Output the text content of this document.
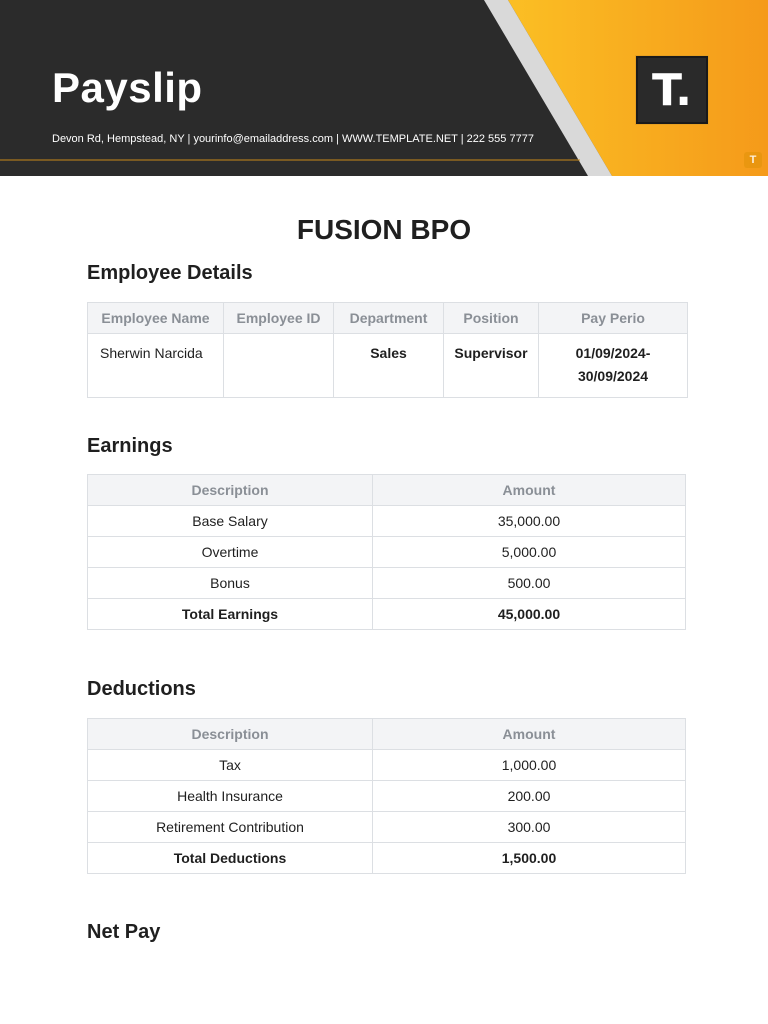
Payslip
Devon Rd, Hempstead, NY | yourinfo@emailaddress.com | WWW.TEMPLATE.NET | 222 555 7777
T.
T
FUSION BPO
Employee Details
Employee Name	Employee ID	Department	Position	Pay Perio
Sherwin Narcida		Sales	Supervisor	01/09/2024-
30/09/2024
Earnings
Description	Amount
Base Salary	35,000.00
Overtime	5,000.00
Bonus	500.00
Total Earnings	45,000.00
Deductions
Description	Amount
Tax	1,000.00
Health Insurance	200.00
Retirement Contribution	300.00
Total Deductions	1,500.00
Net Pay
